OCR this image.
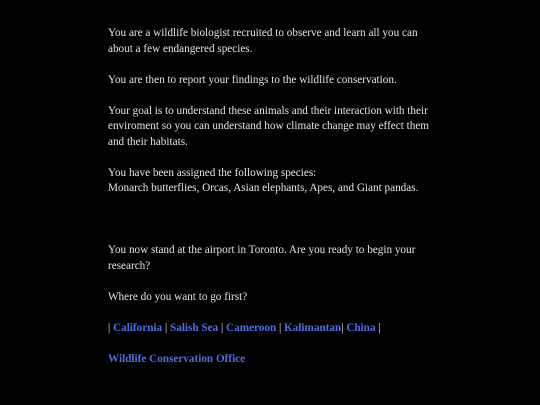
You are a wildlife biologist recruited to observe and learn all you can
about a few endangered species.

You are then to report your findings to the wildlife conservation.

Your goal is to understand these animals and their interaction with their
enviroment so you can understand how climate change may effect them
and their habitats.

You have been assigned the following species:
Monarch butterflies, Orcas, Asian elephants, Apes, and Giant pandas.

You now stand at the airport in Toronto. Are you ready to begin your
research?

Where do you want to go first?

| California | Salish Sea | Cameroon | Kalimantan| China |

Wildlife Conservation Office
